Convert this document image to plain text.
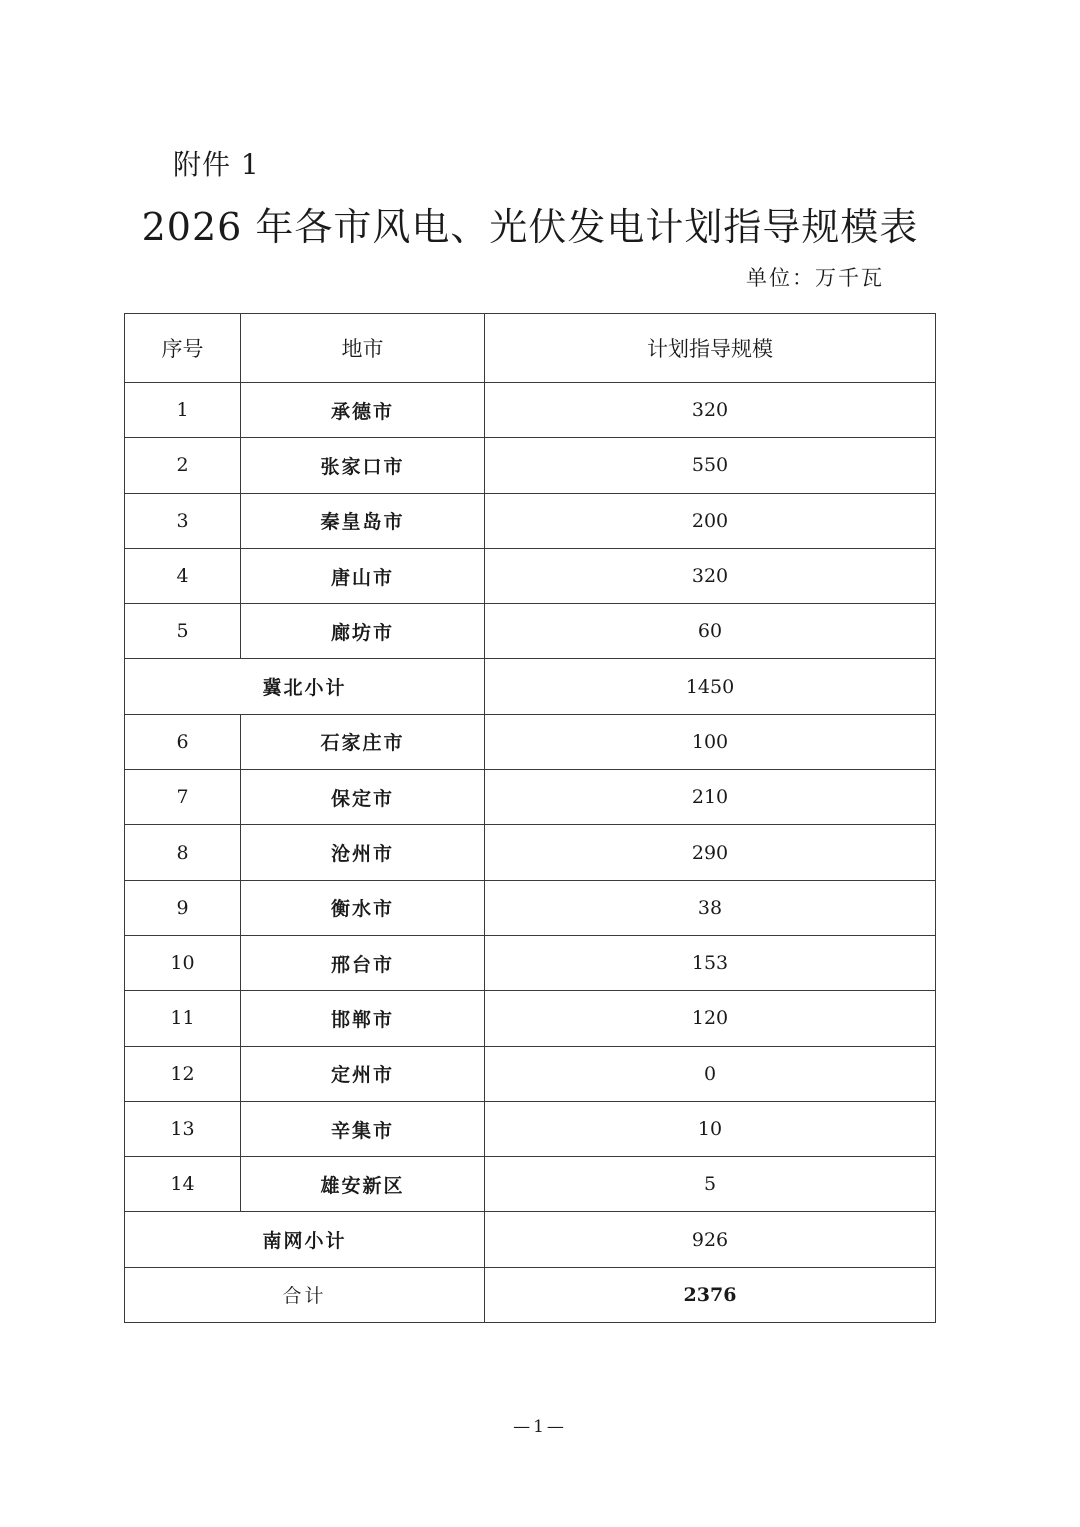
附件 1
2026 年各市风电、光伏发电计划指导规模表
单位：万千瓦
序号	地市	计划指导规模
1	承德市	320
2	张家口市	550
3	秦皇岛市	200
4	唐山市	320
5	廊坊市	60
冀北小计		1450
6	石家庄市	100
7	保定市	210
8	沧州市	290
9	衡水市	38
10	邢台市	153
11	邯郸市	120
12	定州市	0
13	辛集市	10
14	雄安新区	5
南网小计		926
合计		2376
—1—
